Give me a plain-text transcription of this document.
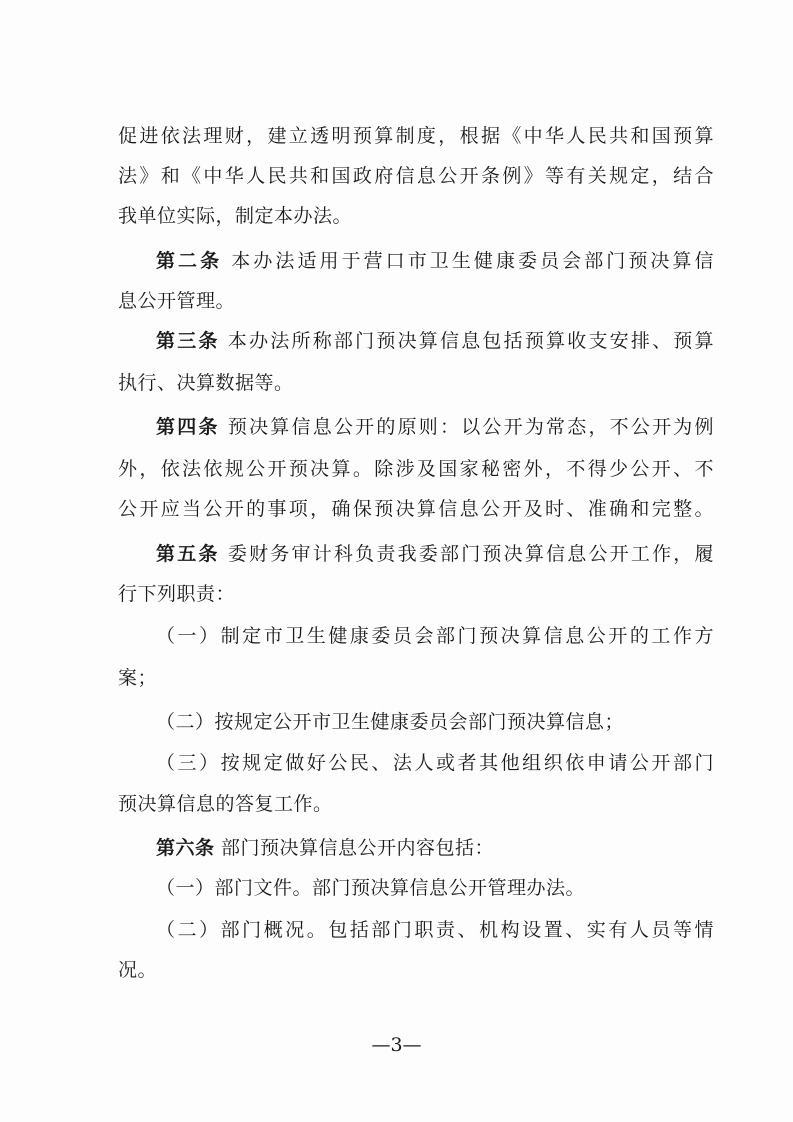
促进依法理财，建立透明预算制度，根据《中华人民共和国预算
法》和《中华人民共和国政府信息公开条例》等有关规定，结合
我单位实际，制定本办法。
第二条 本办法适用于营口市卫生健康委员会部门预决算信
息公开管理。
第三条 本办法所称部门预决算信息包括预算收支安排、预算
执行、决算数据等。
第四条 预决算信息公开的原则：以公开为常态，不公开为例
外，依法依规公开预决算。除涉及国家秘密外，不得少公开、不
公开应当公开的事项，确保预决算信息公开及时、准确和完整。
第五条 委财务审计科负责我委部门预决算信息公开工作，履
行下列职责：
（一）制定市卫生健康委员会部门预决算信息公开的工作方
案；
（二）按规定公开市卫生健康委员会部门预决算信息；
（三）按规定做好公民、法人或者其他组织依申请公开部门
预决算信息的答复工作。
第六条 部门预决算信息公开内容包括：
（一）部门文件。部门预决算信息公开管理办法。
（二）部门概况。包括部门职责、机构设置、实有人员等情
况。
—3—
